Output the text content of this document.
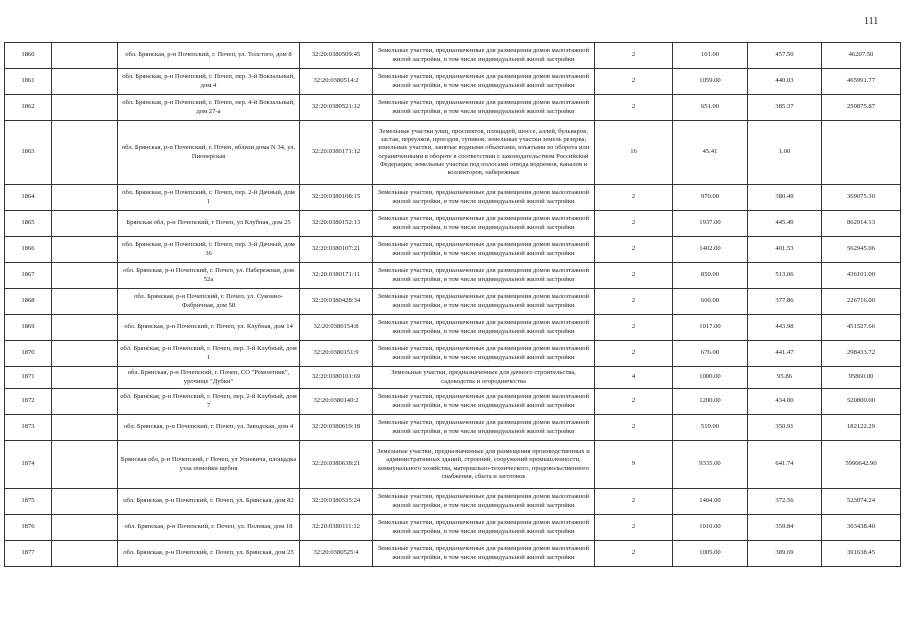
111
1860		обл. Брянская, р-н Почепский, г. Почеп, ул. Толстого, дом 8	32:20:0380509:45	Земельные участки, предназначенные для размещения домов малоэтажной жилой застройки, в том числе индивидуальной жилой застройки	2	101.00	457.50	46207.50
1861		обл. Брянская, р-н Почепский, г. Почеп, пер. 3-й Вокзальный, дом 4	32:20:0380514:2	Земельные участки, предназначенные для размещения домов малоэтажной жилой застройки, в том числе индивидуальной жилой застройки	2	1059.00	440.03	465991.77
1862		обл. Брянская, р-н Почепский, г. Почеп, пер. 4-й Вокзальный, дом 27-а	32:20:0380521:12	Земельные участки, предназначенные для размещения домов малоэтажной жилой застройки, в том числе индивидуальной жилой застройки	2	651.00	385.37	250875.87
1863		обл. Брянская, р-н Почепский, г. Почеп, вблизи дома N 34, ул. Пионерская	32:20:0380171:12	Земельные участки улиц, проспектов, площадей, шоссе, аллей, бульваров, застав, переулков, проездов, тупиков; земельные участки земель резерва; земельные участки, занятые водными объектами, изъятыми из оборота или ограниченными в обороте в соответствии с законодательством Российской Федерации; земельные участки под полосами отвода водоемов, каналов и коллекторов, набережные	16	45.41	1.00	
1864		обл. Брянская, р-н Почепский, г. Почеп, пер. 2-й Дачный, дом 1	32:20:0380108:15	Земельные участки, предназначенные для размещения домов малоэтажной жилой застройки, в том числе индивидуальной жилой застройки	2	970.00	380.49	369075.30
1865		Брянская обл, р-н Почепский, г Почеп, ул Клубная, дом 25	32:20:0380152:13	Земельные участки, предназначенные для размещения домов малоэтажной жилой застройки, в том числе индивидуальной жилой застройки	2	1937.00	445.49	862914.13
1866		обл. Брянская, р-н Почепский, г. Почеп, пер. 3-й Дачный, дом 36	32:20:0380107:21	Земельные участки, предназначенные для размещения домов малоэтажной жилой застройки, в том числе индивидуальной жилой застройки	2	1402.00	401.53	562945.06
1867		обл. Брянская, р-н Почепский, г. Почеп, ул. Набережная, дом 52а	32:20:0380171:11	Земельные участки, предназначенные для размещения домов малоэтажной жилой застройки, в том числе индивидуальной жилой застройки	2	850.00	513.06	436101.00
1868		обл. Брянская, р-н Почепский, г. Почеп, ул. Суконно-Фабричная, дом 58	32:20:0380428:34	Земельные участки, предназначенные для размещения домов малоэтажной жилой застройки, в том числе индивидуальной жилой застройки	2	600.00	377.86	226716.00
1869		обл. Брянская, р-н Почепский, г. Почеп, ул. Клубная, дом 14	32:20:0380154:8	Земельные участки, предназначенные для размещения домов малоэтажной жилой застройки, в том числе индивидуальной жилой застройки	2	1017.00	443.98	451527.66
1870		обл. Брянская, р-н Почепский, г. Почеп, пер. 3-й Клубный, дом 1	32:20:0380151:9	Земельные участки, предназначенные для размещения домов малоэтажной жилой застройки, в том числе индивидуальной жилой застройки	2	676.00	441.47	298433.72
1871		обл. Брянская, р-н Почепский, г. Почеп, СО "Ремонтник", урочище "Дубки"	32:20:0380101:69	Земельные участки, предназначенные для дачного строительства, садоводства и огородничества	4	1000.00	95.86	95860.00
1872		обл. Брянская, р-н Почепский, г. Почеп, пер. 2-й Клубный, дом 7	32:20:0380140:2	Земельные участки, предназначенные для размещения домов малоэтажной жилой застройки, в том числе индивидуальной жилой застройки	2	1200.00	434.00	520800.00
1873		обл. Брянская, р-н Почепский, г. Почеп, ул. Заводская, дом 4	32:20:0380619:18	Земельные участки, предназначенные для размещения домов малоэтажной жилой застройки, в том числе индивидуальной жилой застройки	2	519.00	350.91	182122.29
1874		Брянская обл, р-н Почепский, г Почеп, ул Усиевича, площадка узла помойки щебня	32:20:0380638:21	Земельные участки, предназначенные для размещения производственных и административных зданий, строений, сооружений промышленности, коммунального хозяйства, материально-технического, продовольственного снабжения, сбыта и заготовок	9	9335.00	641.74	5990642.90
1875		обл. Брянская, р-н Почепский, г. Почеп, ул. Брянская, дом 82	32:20:0380535:24	Земельные участки, предназначенные для размещения домов малоэтажной жилой застройки, в том числе индивидуальной жилой застройки	2	1404.00	372.56	523074.24
1876		обл. Брянская, р-н Почепский, г. Почеп, ул. Полевая, дом 18	32:20:0380111:12	Земельные участки, предназначенные для размещения домов малоэтажной жилой застройки, в том числе индивидуальной жилой застройки	2	1010.00	359.84	363438.40
1877		обл. Брянская, р-н Почепский, г. Почеп, ул. Брянская, дом 25	32:20:0380525:4	Земельные участки, предназначенные для размещения домов малоэтажной жилой застройки, в том числе индивидуальной жилой застройки	2	1005.00	389.69	391638.45
